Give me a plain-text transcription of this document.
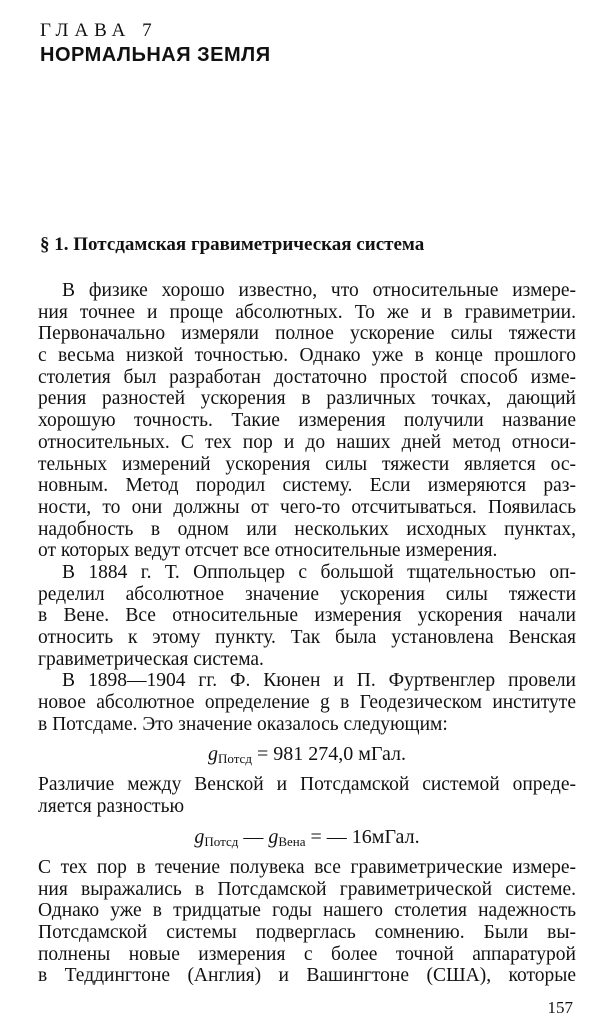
ГЛАВА 7
НОРМАЛЬНАЯ ЗЕМЛЯ
§ 1. Потсдамская гравиметрическая система
В физике хорошо известно, что относительные измере-
ния точнее и проще абсолютных. То же и в гравиметрии.
Первоначально измеряли полное ускорение силы тяжести
с весьма низкой точностью. Однако уже в конце прошлого
столетия был разработан достаточно простой способ изме-
рения разностей ускорения в различных точках, дающий
хорошую точность. Такие измерения получили название
относительных. С тех пор и до наших дней метод относи-
тельных измерений ускорения силы тяжести является ос-
новным. Метод породил систему. Если измеряются раз-
ности, то они должны от чего-то отсчитываться. Появилась
надобность в одном или нескольких исходных пунктах,
от которых ведут отсчет все относительные измерения.
В 1884 г. Т. Оппольцер с большой тщательностью оп-
ределил абсолютное значение ускорения силы тяжести
в Вене. Все относительные измерения ускорения начали
относить к этому пункту. Так была установлена Венская
гравиметрическая система.
В 1898—1904 гг. Ф. Кюнен и П. Фуртвенглер провели
новое абсолютное определение g в Геодезическом институте
в Потсдаме. Это значение оказалось следующим:
$g_{Потсд} = 981$ 274,0 мГал.
Различие между Венской и Потсдамской системой опреде-
ляется разностью
$g_{Потсд}$ — $g_{Вена}$ = — 16мГал.
С тех пор в течение полувека все гравиметрические измере-
ния выражались в Потсдамской гравиметрической системе.
Однако уже в тридцатые годы нашего столетия надежность
Потсдамской системы подверглась сомнению. Были вы-
полнены новые измерения с более точной аппаратурой
в Теддингтоне (Англия) и Вашингтоне (США), которые
157
